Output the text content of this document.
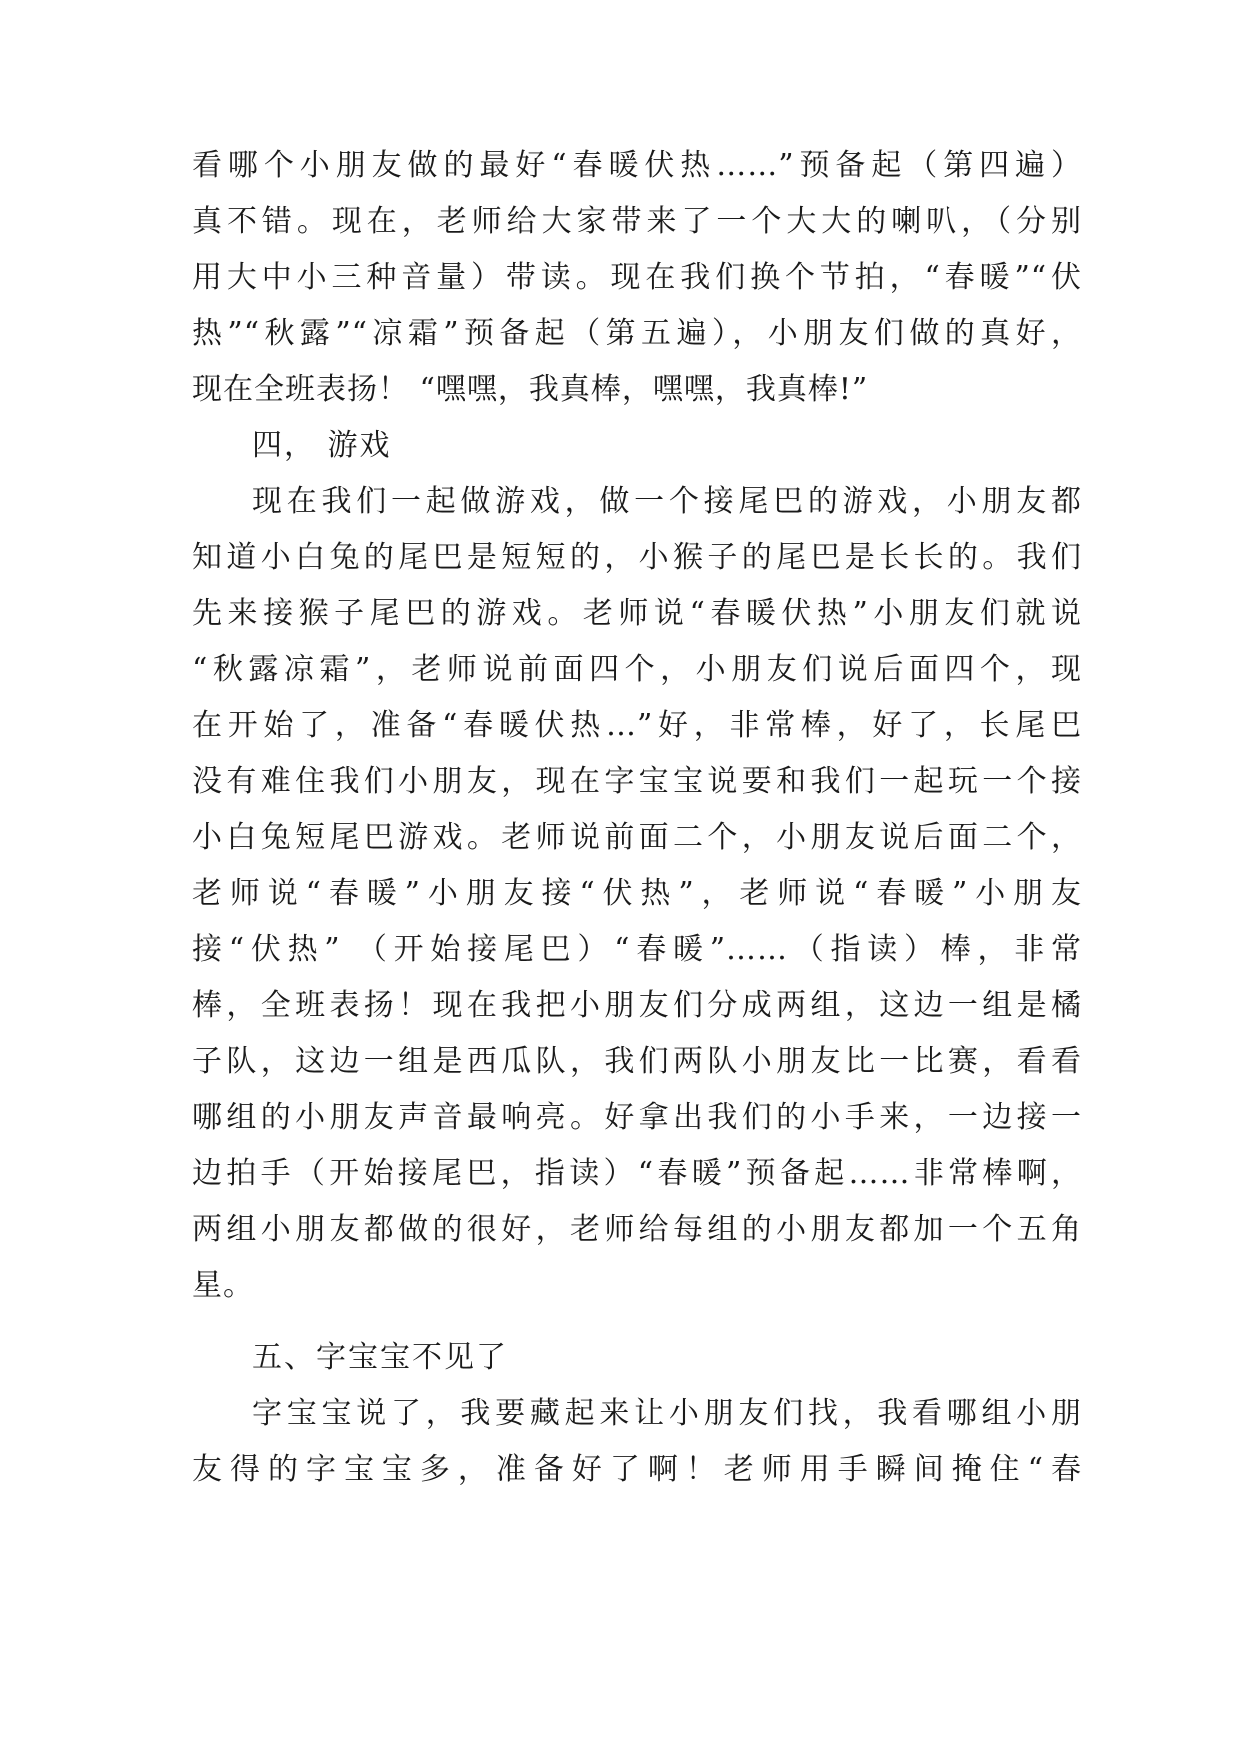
看哪个小朋友做的最好“春暖伏热……”预备起（第四遍）
真不错。现在，老师给大家带来了一个大大的喇叭，（分别
用大中小三种音量）带读。现在我们换个节拍，“春暖”“伏
热”“秋露”“凉霜”预备起（第五遍），小朋友们做的真好，
现在全班表扬！ “嘿嘿，我真棒，嘿嘿，我真棒!”
四， 游戏
现在我们一起做游戏，做一个接尾巴的游戏，小朋友都
知道小白兔的尾巴是短短的，小猴子的尾巴是长长的。我们
先来接猴子尾巴的游戏。老师说“春暖伏热”小朋友们就说
“秋露凉霜”，老师说前面四个，小朋友们说后面四个，现
在开始了，准备“春暖伏热…”好，非常棒，好了，长尾巴
没有难住我们小朋友，现在字宝宝说要和我们一起玩一个接
小白兔短尾巴游戏。老师说前面二个，小朋友说后面二个，
老师说“春暖”小朋友接“伏热”，老师说“春暖”小朋友
接“伏热” （开始接尾巴）“春暖”……（指读）棒，非常
棒，全班表扬！现在我把小朋友们分成两组，这边一组是橘
子队，这边一组是西瓜队，我们两队小朋友比一比赛，看看
哪组的小朋友声音最响亮。好拿出我们的小手来，一边接一
边拍手（开始接尾巴，指读）“春暖”预备起……非常棒啊，
两组小朋友都做的很好，老师给每组的小朋友都加一个五角
星。
五、字宝宝不见了
字宝宝说了，我要藏起来让小朋友们找，我看哪组小朋
友得的字宝宝多，准备好了啊！老师用手瞬间掩住“春
